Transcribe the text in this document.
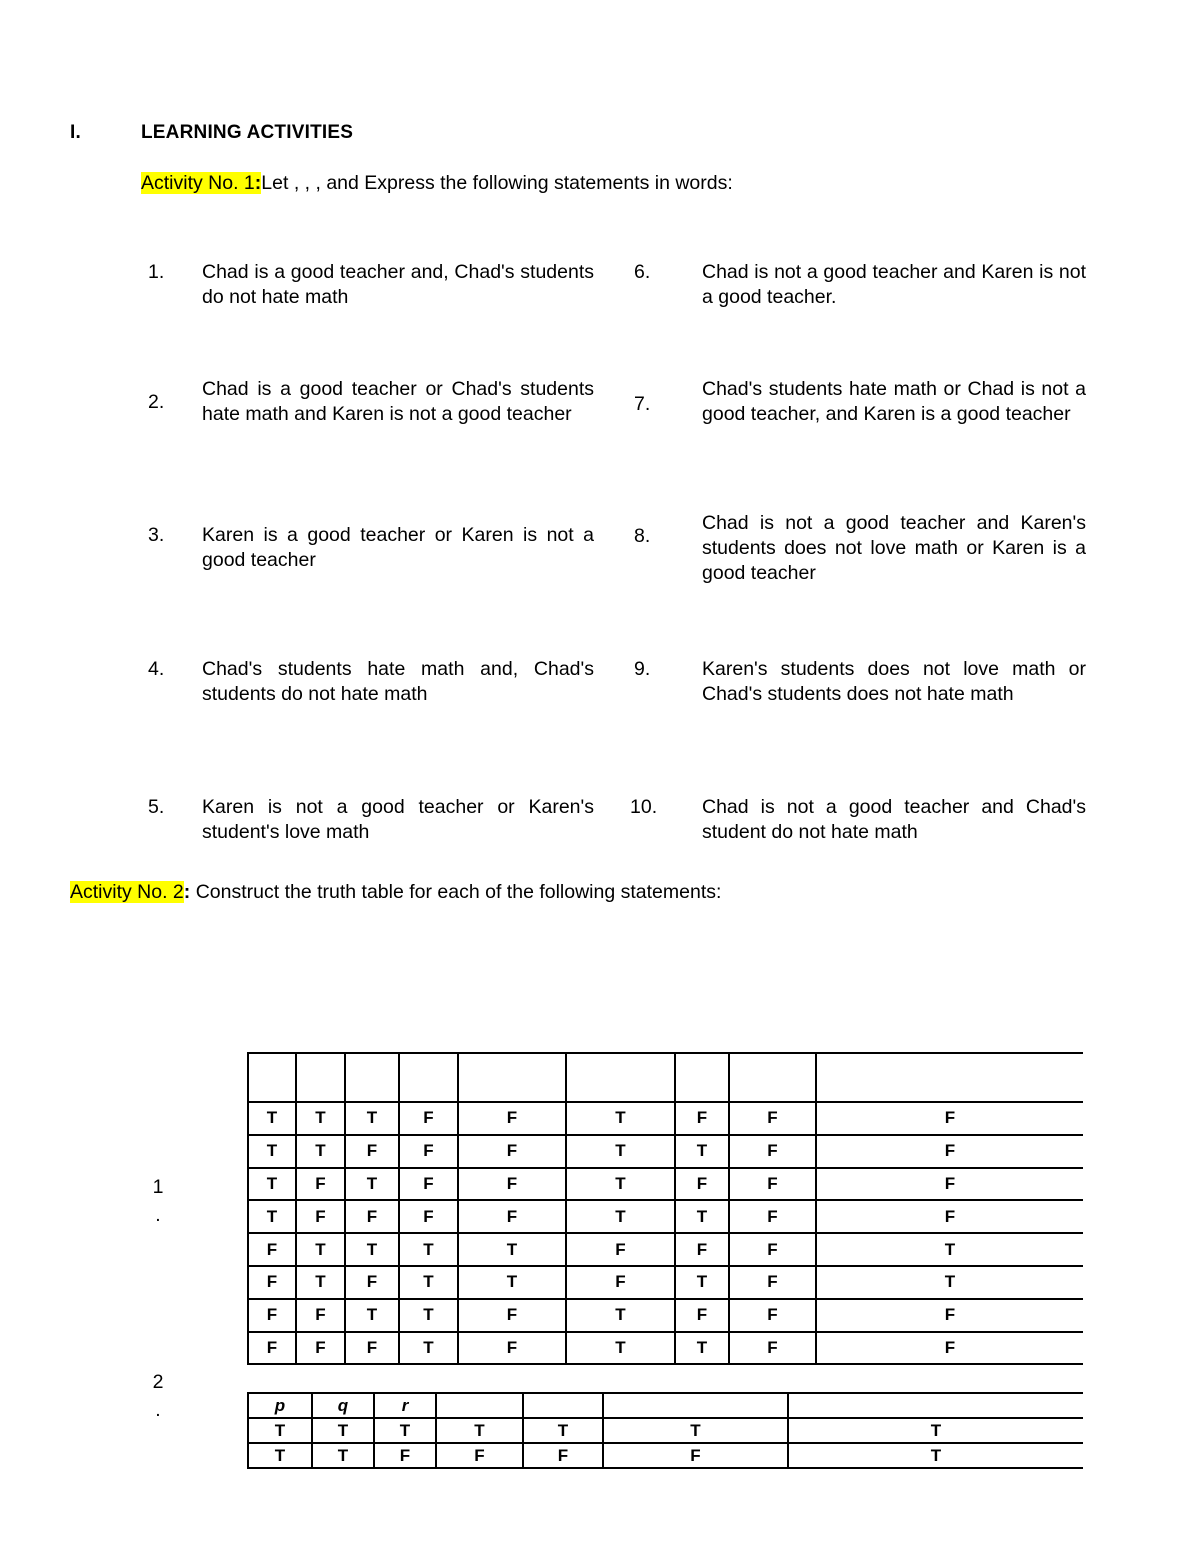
I.	LEARNING ACTIVITIES
Activity No. 1:Let , , , and Express the following statements in words:
1.	Chad is a good teacher and, Chad's students do not hate math
2.
Chad is a good teacher or Chad's students hate math and Karen is not a good teacher
3.	Karen is a good teacher or Karen is not a good teacher
4.	Chad's students hate math and, Chad's students do not hate math
5.	Karen is not a good teacher or Karen's student's love math
6.	Chad is not a good teacher and Karen is not a good teacher.
7.
Chad's students hate math or Chad is not a good teacher, and Karen is a good teacher
8.
Chad is not a good teacher and Karen's students does not love math or Karen is a good teacher
9.	Karen's students does not love math or Chad's students does not hate math
10.	Chad is not a good teacher and Chad's student do not hate math
Activity No. 2: Construct the truth table for each of the following statements:
1
.

T	T	T	F	F	T	F	F	F
T	T	F	F	F	T	T	F	F
T	F	T	F	F	T	F	F	F
T	F	F	F	F	T	T	F	F
F	T	T	T	T	F	F	F	T
F	T	F	T	T	F	T	F	T
F	F	T	T	F	T	F	F	F
F	F	F	T	F	T	T	F	F
2
.	p	q	r				
T	T	T	T	T	T	T
T	T	F	F	F	F	T
